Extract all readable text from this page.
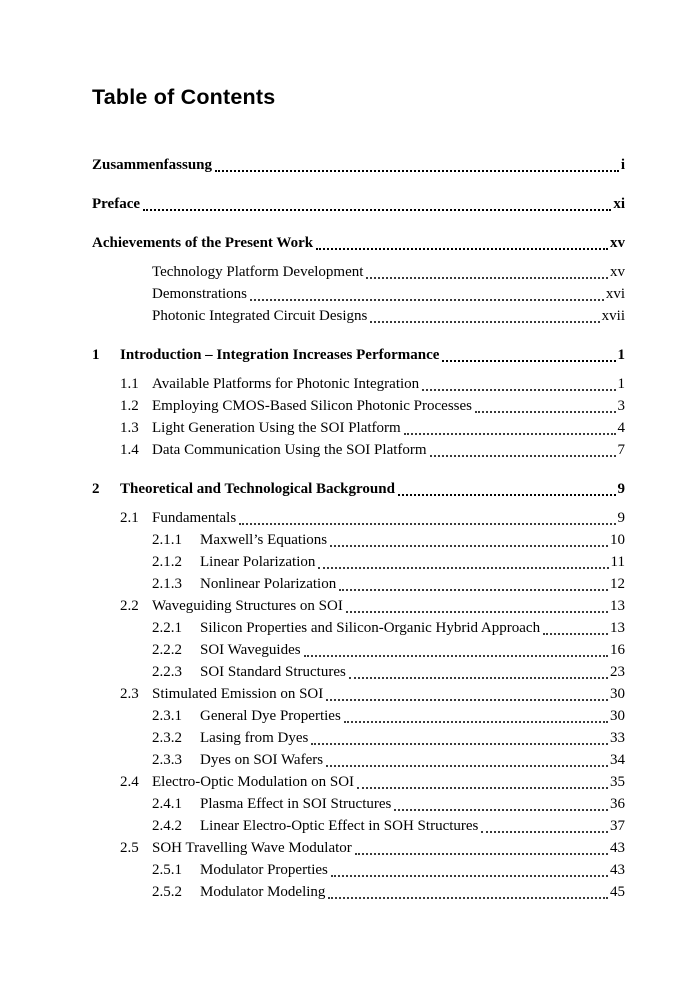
Table of Contents
Zusammenfassung	i
Preface	xi
Achievements of the Present Work	xv
Technology Platform Development	xv
Demonstrations	xvi
Photonic Integrated Circuit Designs	xvii
1	Introduction – Integration Increases Performance	1
1.1 Available Platforms for Photonic Integration	1
1.2 Employing CMOS-Based Silicon Photonic Processes	3
1.3 Light Generation Using the SOI Platform	4
1.4 Data Communication Using the SOI Platform	7
2	Theoretical and Technological Background	9
2.1 Fundamentals	9
2.1.1	Maxwell’s Equations	10
2.1.2	Linear Polarization	11
2.1.3	Nonlinear Polarization	12
2.2 Waveguiding Structures on SOI	13
2.2.1	Silicon Properties and Silicon-Organic Hybrid Approach	13
2.2.2	SOI Waveguides	16
2.2.3	SOI Standard Structures	23
2.3 Stimulated Emission on SOI	30
2.3.1	General Dye Properties	30
2.3.2	Lasing from Dyes	33
2.3.3	Dyes on SOI Wafers	34
2.4 Electro-Optic Modulation on SOI	35
2.4.1	Plasma Effect in SOI Structures	36
2.4.2	Linear Electro-Optic Effect in SOH Structures	37
2.5 SOH Travelling Wave Modulator	43
2.5.1	Modulator Properties	43
2.5.2	Modulator Modeling	45
